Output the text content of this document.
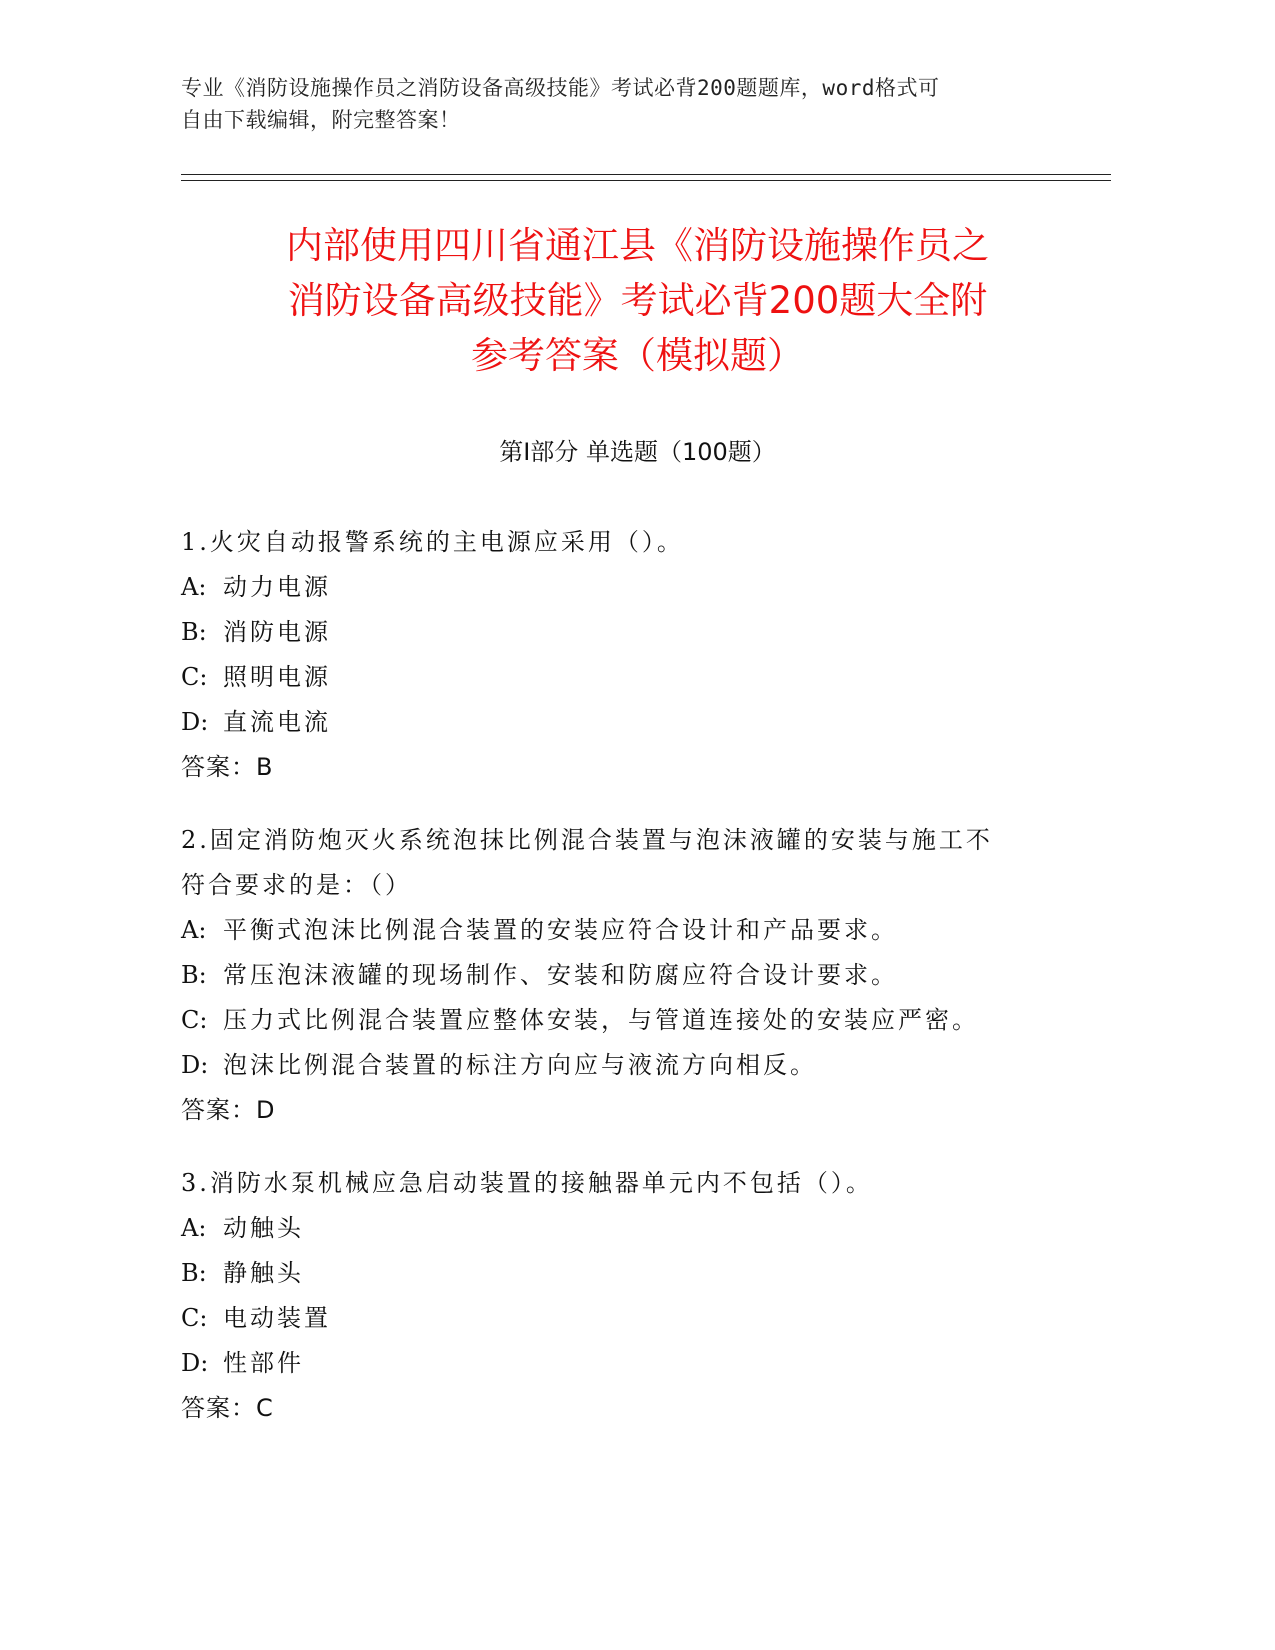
专业《消防设施操作员之消防设备高级技能》考试必背200题题库，word格式可
自由下载编辑，附完整答案！
内部使用四川省通江县《消防设施操作员之
消防设备高级技能》考试必背200题大全附
参考答案（模拟题）
第Ⅰ部分 单选题（100题）
1.火灾自动报警系统的主电源应采用（）。
A: 动力电源
B: 消防电源
C: 照明电源
D: 直流电流
答案：B
2.固定消防炮灭火系统泡抹比例混合装置与泡沫液罐的安装与施工不
符合要求的是：（）
A: 平衡式泡沫比例混合装置的安装应符合设计和产品要求。
B: 常压泡沫液罐的现场制作、安装和防腐应符合设计要求。
C: 压力式比例混合装置应整体安装，与管道连接处的安装应严密。
D: 泡沫比例混合装置的标注方向应与液流方向相反。
答案：D
3.消防水泵机械应急启动装置的接触器单元内不包括（）。
A: 动触头
B: 静触头
C: 电动装置
D: 性部件
答案：C
